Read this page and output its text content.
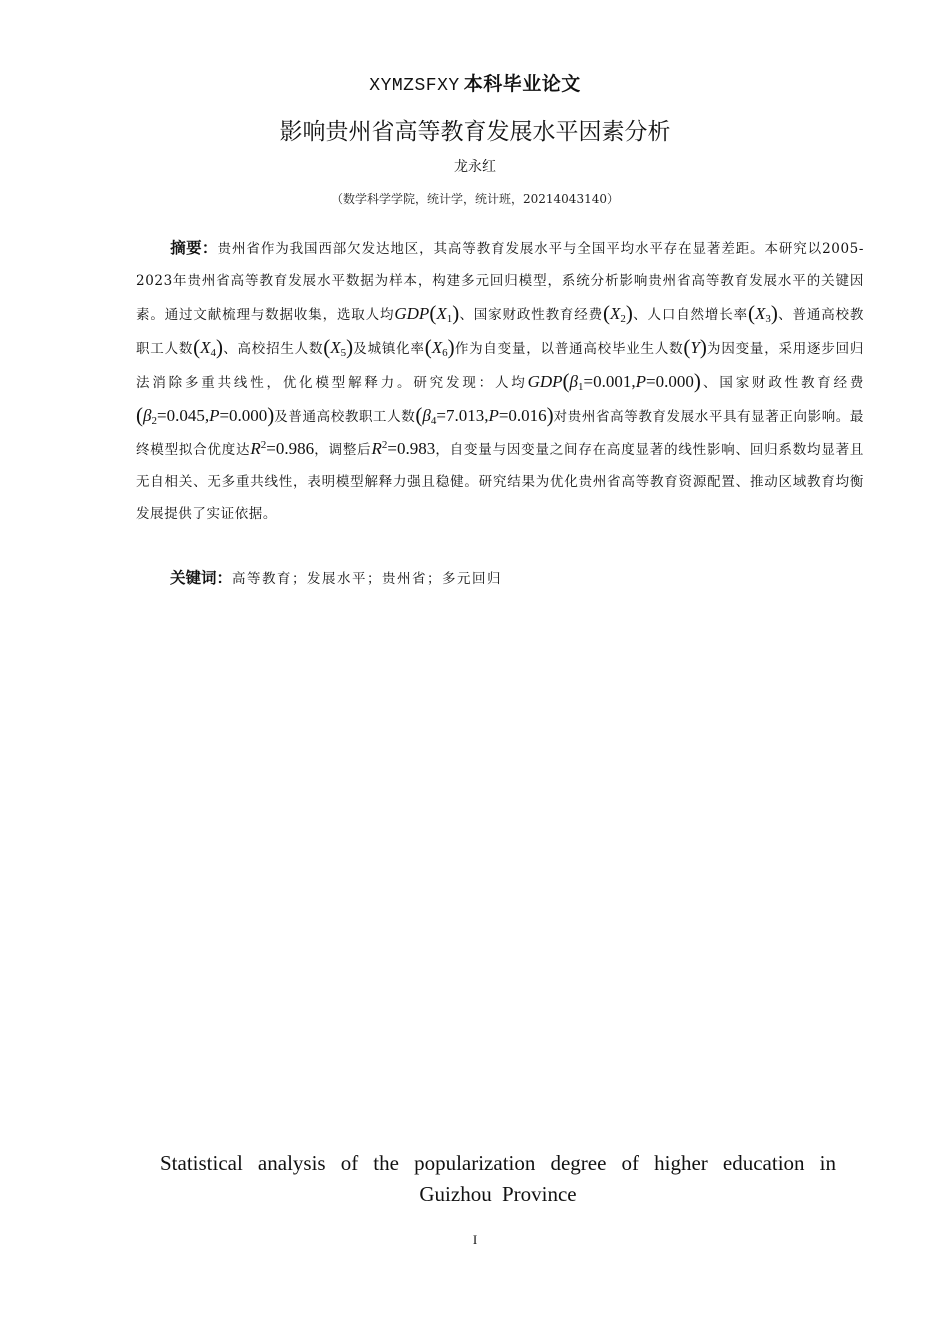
XYMZSFXY 本科毕业论文
影响贵州省高等教育发展水平因素分析
龙永红
（数学科学学院，统计学，统计班，20214043140）
摘要：贵州省作为我国西部欠发达地区，其高等教育发展水平与全国平均水平存在显著差距。本研究以2005-2023年贵州省高等教育发展水平数据为样本，构建多元回归模型，系统分析影响贵州省高等教育发展水平的关键因素。通过文献梳理与数据收集，选取人均$GDP(X_1)$、国家财政性教育经费$(X_2)$、人口自然增长率$(X_3)$、普通高校教职工人数$(X_4)$、高校招生人数$(X_5)$及城镇化率$(X_6)$作为自变量，以普通高校毕业生人数(Y)为因变量，采用逐步回归法消除多重共线性，优化模型解释力。研究发现：人均$GDP(\beta_1=0.001,P=0.000)$、国家财政性教育经费$(\beta_2=0.045,P=0.000)$及普通高校教职工人数$(\beta_4=7.013,P=0.016)$对贵州省高等教育发展水平具有显著正向影响。最终模型拟合优度达$R^2=0.986$，调整后$R^2=0.983$，自变量与因变量之间存在高度显著的线性影响、回归系数均显著且无自相关、无多重共线性，表明模型解释力强且稳健。研究结果为优化贵州省高等教育资源配置、推动区域教育均衡发展提供了实证依据。
关键词：高等教育；发展水平；贵州省；多元回归
Statistical analysis of the popularization degree of higher education in Guizhou Province
I
